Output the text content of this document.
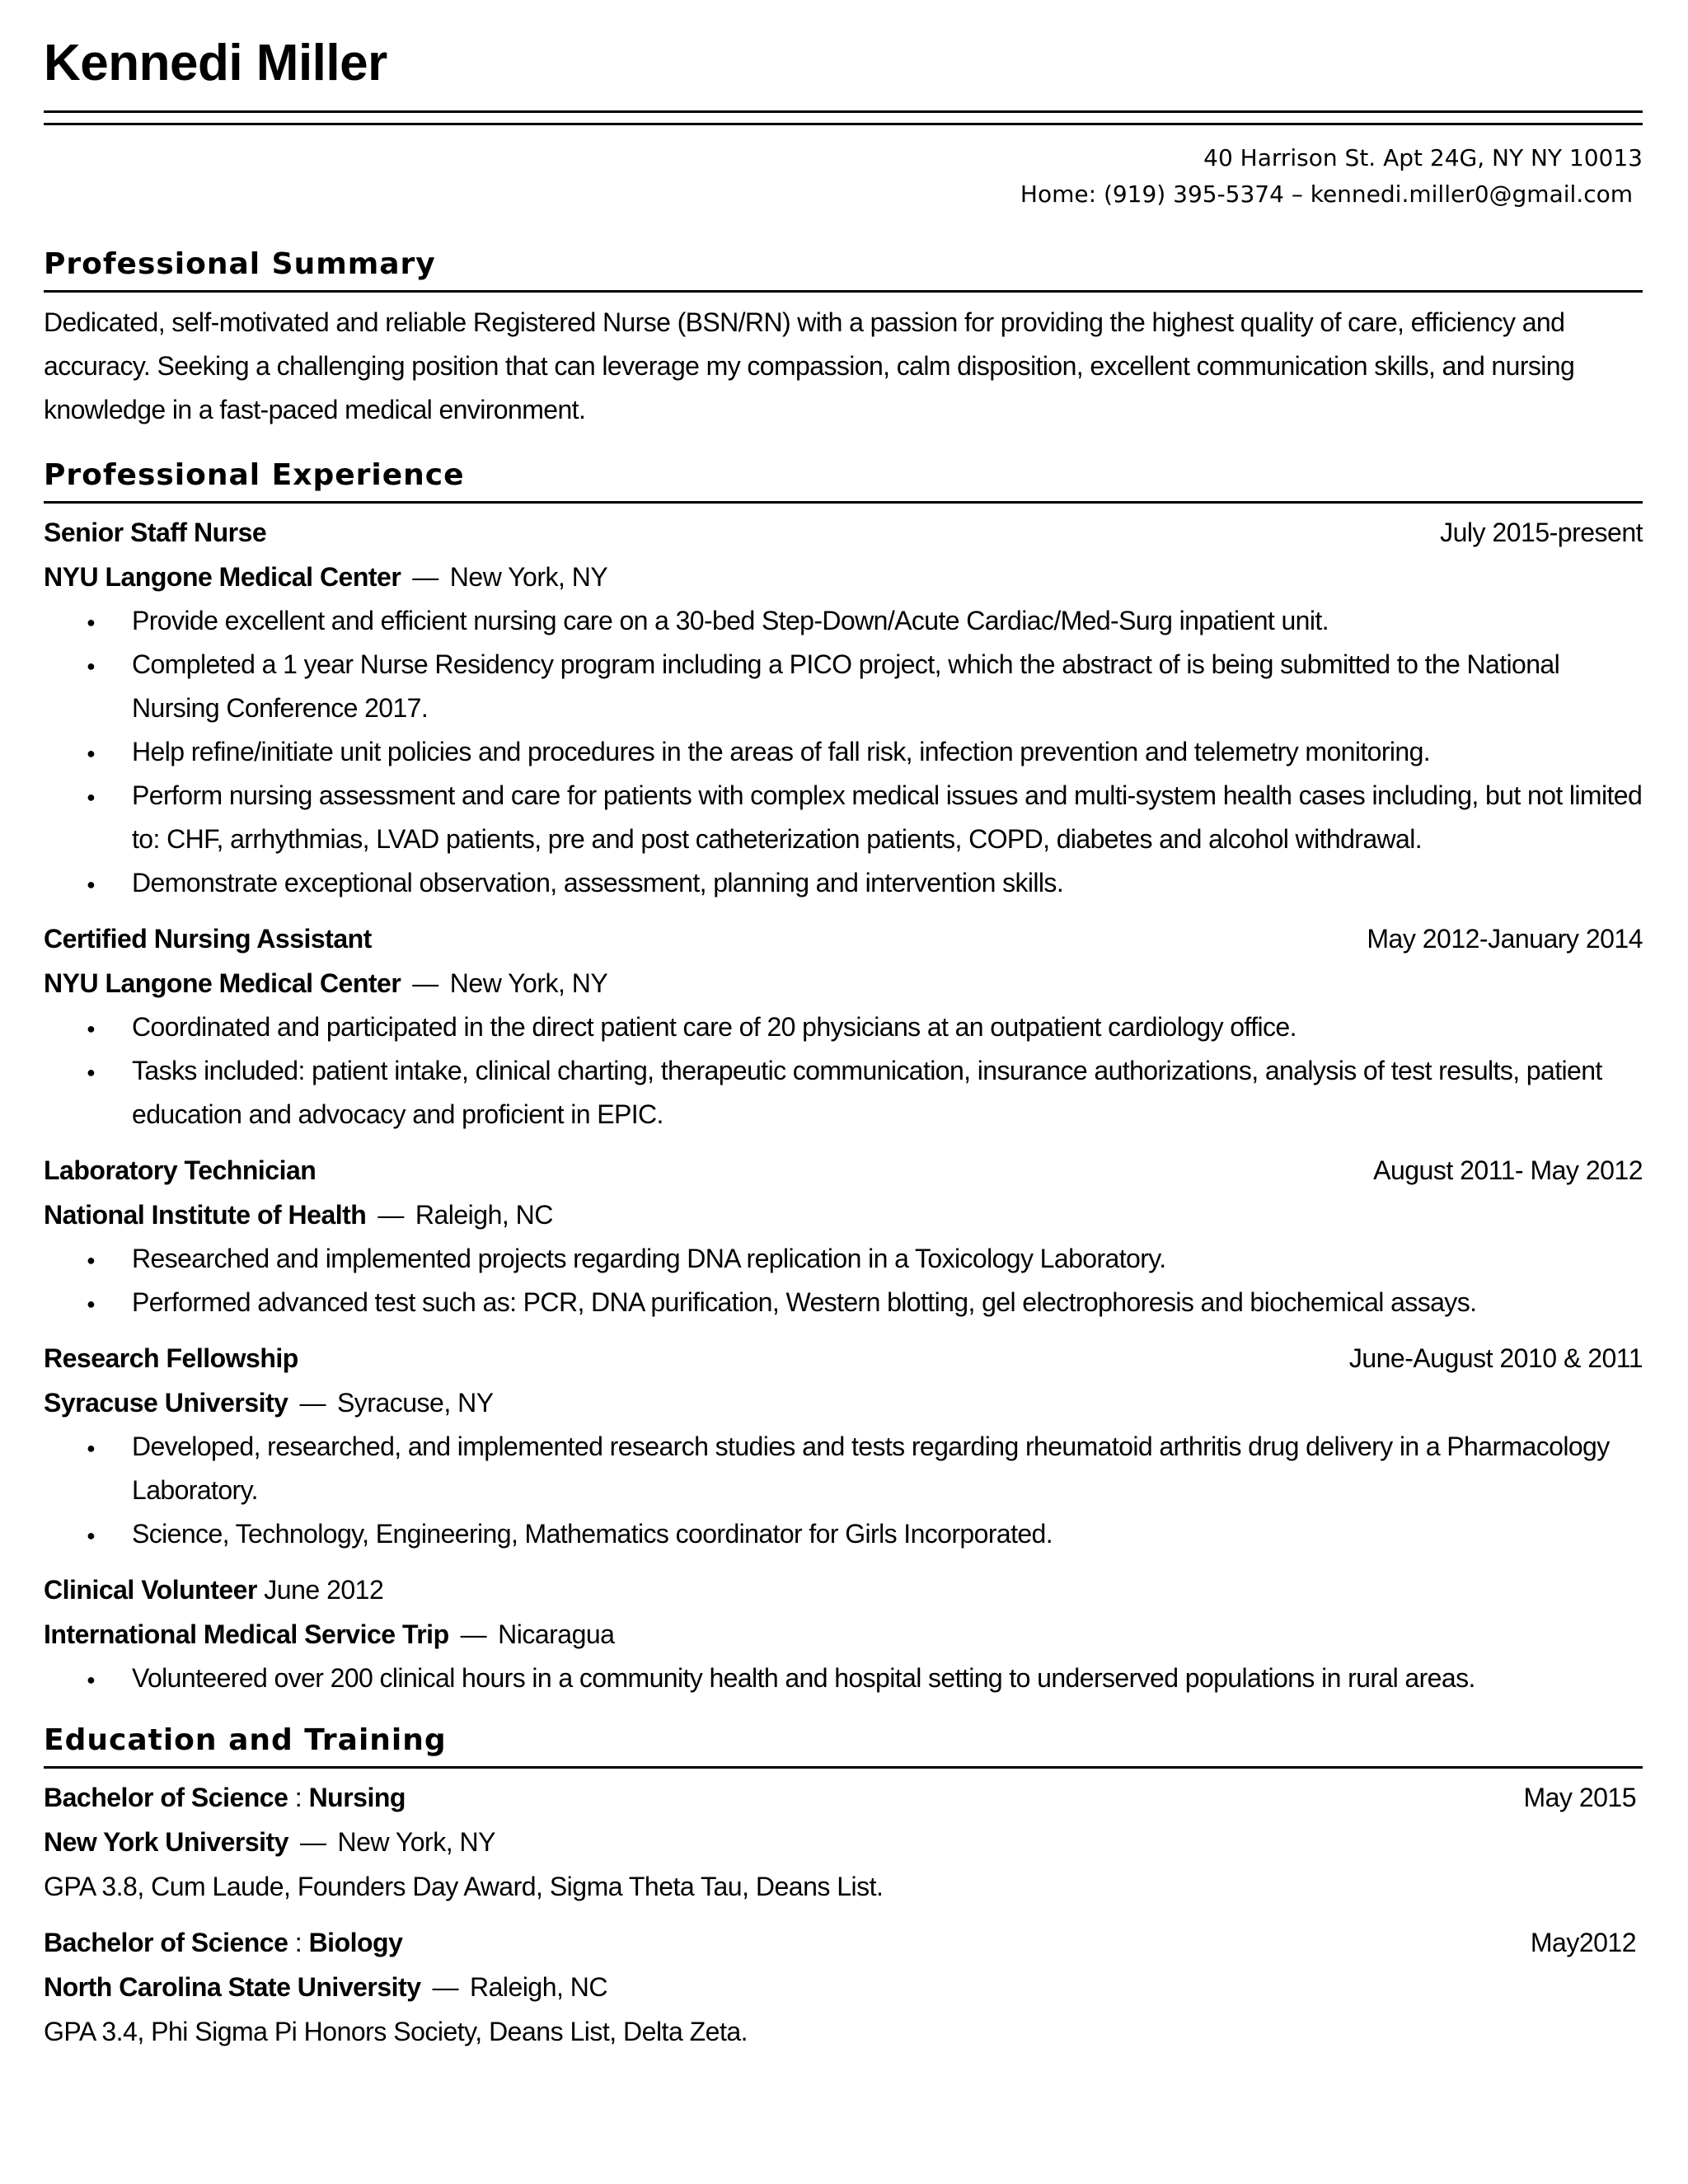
Kennedi Miller
40 Harrison St. Apt 24G, NY NY 10013
Home: (919) 395-5374 – kennedi.miller0@gmail.com
Professional Summary
Dedicated, self-motivated and reliable Registered Nurse (BSN/RN) with a passion for providing the highest quality of care, efficiency and accuracy. Seeking a challenging position that can leverage my compassion, calm disposition, excellent communication skills, and nursing knowledge in a fast-paced medical environment.
Professional Experience
Senior Staff Nurse	July 2015-present
NYU Langone Medical Center — New York, NY
● Provide excellent and efficient nursing care on a 30-bed Step-Down/Acute Cardiac/Med-Surg inpatient unit.
● Completed a 1 year Nurse Residency program including a PICO project, which the abstract of is being submitted to the National Nursing Conference 2017.
● Help refine/initiate unit policies and procedures in the areas of fall risk, infection prevention and telemetry monitoring.
● Perform nursing assessment and care for patients with complex medical issues and multi-system health cases including, but not limited to: CHF, arrhythmias, LVAD patients, pre and post catheterization patients, COPD, diabetes and alcohol withdrawal.
● Demonstrate exceptional observation, assessment, planning and intervention skills.
Certified Nursing Assistant	May 2012-January 2014
NYU Langone Medical Center — New York, NY
● Coordinated and participated in the direct patient care of 20 physicians at an outpatient cardiology office.
● Tasks included: patient intake, clinical charting, therapeutic communication, insurance authorizations, analysis of test results, patient education and advocacy and proficient in EPIC.
Laboratory Technician	August 2011- May 2012
National Institute of Health — Raleigh, NC
● Researched and implemented projects regarding DNA replication in a Toxicology Laboratory.
● Performed advanced test such as: PCR, DNA purification, Western blotting, gel electrophoresis and biochemical assays.
Research Fellowship	June-August 2010 & 2011
Syracuse University — Syracuse, NY
● Developed, researched, and implemented research studies and tests regarding rheumatoid arthritis drug delivery in a Pharmacology Laboratory.
● Science, Technology, Engineering, Mathematics coordinator for Girls Incorporated.
Clinical Volunteer June 2012
International Medical Service Trip — Nicaragua
● Volunteered over 200 clinical hours in a community health and hospital setting to underserved populations in rural areas.
Education and Training
Bachelor of Science : Nursing	May 2015
New York University — New York, NY
GPA 3.8, Cum Laude, Founders Day Award, Sigma Theta Tau, Deans List.
Bachelor of Science : Biology	May2012
North Carolina State University — Raleigh, NC
GPA 3.4, Phi Sigma Pi Honors Society, Deans List, Delta Zeta.
